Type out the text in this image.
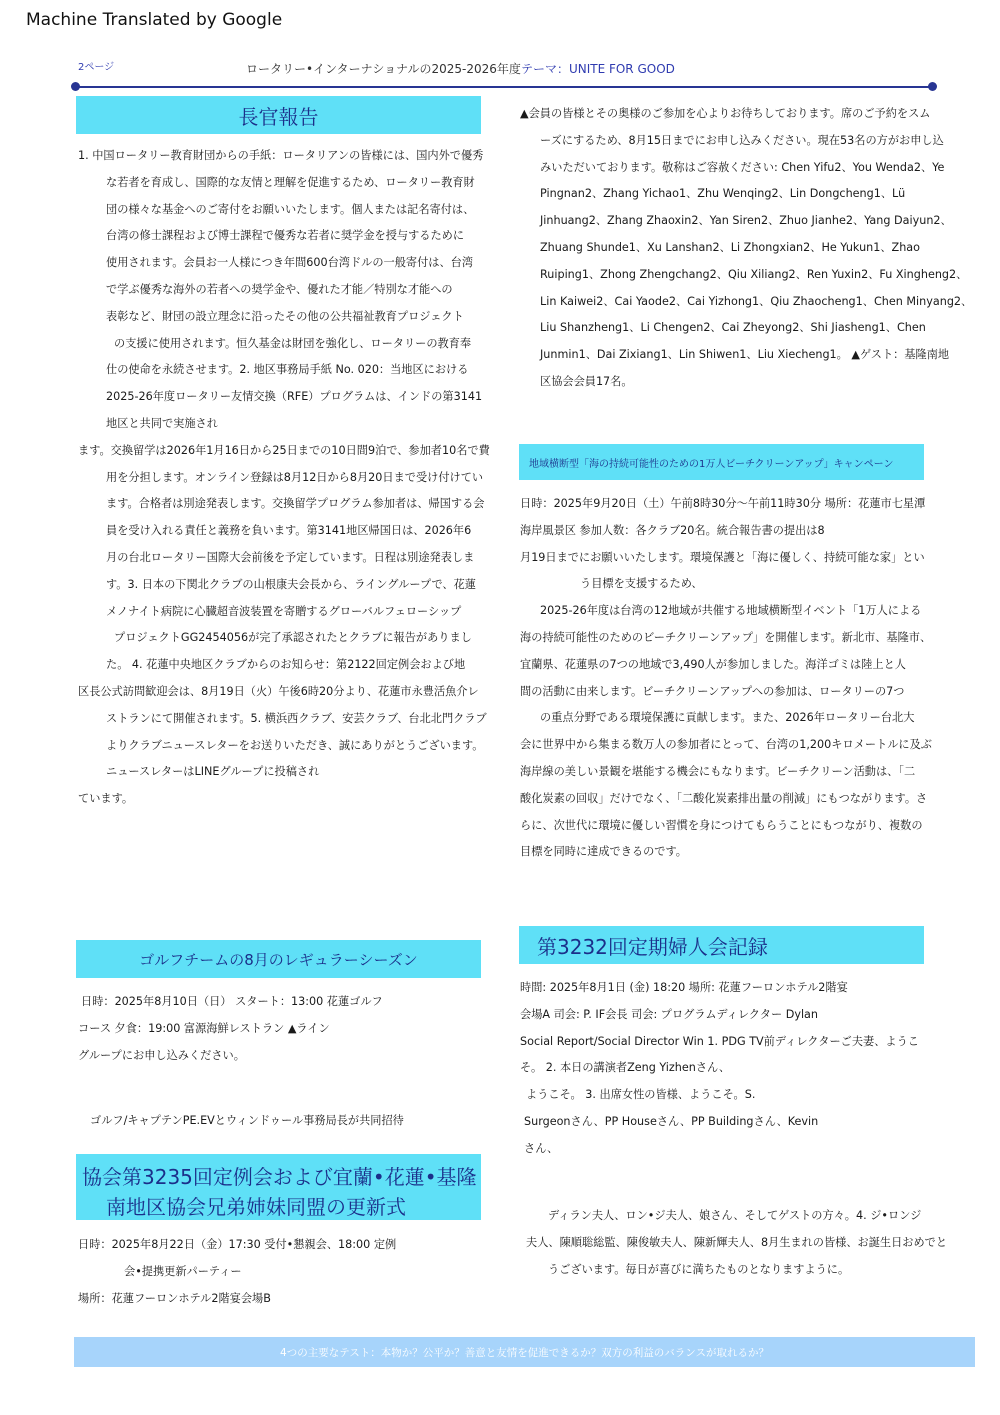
Machine Translated by Google
2ページ	ロータリー•インターナショナルの2025-2026年度テーマ：UNITE FOR GOOD
長官報告
1. 中国ロータリー教育財団からの手紙：ロータリアンの皆様には、国内外で優秀
な若者を育成し、国際的な友情と理解を促進するため、ロータリー教育財
団の様々な基金へのご寄付をお願いいたします。個人または記名寄付は、
台湾の修士課程および博士課程で優秀な若者に奨学金を授与するために
使用されます。会員お一人様につき年間600台湾ドルの一般寄付は、台湾
で学ぶ優秀な海外の若者への奨学金や、優れた才能／特別な才能への
表彰など、財団の設立理念に沿ったその他の公共福祉教育プロジェクト
の支援に使用されます。恒久基金は財団を強化し、ロータリーの教育奉
仕の使命を永続させます。2. 地区事務局手紙 No. 020：当地区における
2025-26年度ロータリー友情交換（RFE）プログラムは、インドの第3141
地区と共同で実施され
ます。交換留学は2026年1月16日から25日までの10日間9泊で、参加者10名で費
用を分担します。オンライン登録は8月12日から8月20日まで受け付けてい
ます。合格者は別途発表します。交換留学プログラム参加者は、帰国する会
員を受け入れる責任と義務を負います。第3141地区帰国日は、2026年6
月の台北ロータリー国際大会前後を予定しています。日程は別途発表しま
す。3. 日本の下関北クラブの山根康夫会長から、ライングループで、花蓮
メノナイト病院に心臓超音波装置を寄贈するグローバルフェローシップ
プロジェクトGG2454056が完了承認されたとクラブに報告がありまし
た。 4. 花蓮中央地区クラブからのお知らせ：第2122回定例会および地
区長公式訪問歓迎会は、8月19日（火）午後6時20分より、花蓮市永豊活魚介レ
ストランにて開催されます。5. 横浜西クラブ、安芸クラブ、台北北門クラブ
よりクラブニュースレターをお送りいただき、誠にありがとうございます。
ニュースレターはLINEグループに投稿され
ています。
▲会員の皆様とその奥様のご参加を心よりお待ちしております。席のご予約をスム
ーズにするため、8月15日までにお申し込みください。現在53名の方がお申し込
みいただいております。敬称はご容赦ください: Chen Yifu2、You Wenda2、Ye
Pingnan2、Zhang Yichao1、Zhu Wenqing2、Lin Dongcheng1、Lü
Jinhuang2、Zhang Zhaoxin2、Yan Siren2、Zhuo Jianhe2、Yang Daiyun2、
Zhuang Shunde1、Xu Lanshan2、Li Zhongxian2、He Yukun1、Zhao
Ruiping1、Zhong Zhengchang2、Qiu Xiliang2、Ren Yuxin2、Fu Xingheng2、
Lin Kaiwei2、Cai Yaode2、Cai Yizhong1、Qiu Zhaocheng1、Chen Minyang2、
Liu Shanzheng1、Li Chengen2、Cai Zheyong2、Shi Jiasheng1、Chen
Junmin1、Dai Zixiang1、Lin Shiwen1、Liu Xiecheng1。 ▲ゲスト：基隆南地
区協会会員17名。
地域横断型「海の持続可能性のための1万人ビーチクリーンアップ」キャンペーン
日時：2025年9月20日（土）午前8時30分～午前11時30分 場所：花蓮市七星潭
海岸風景区 参加人数：各クラブ20名。統合報告書の提出は8
月19日までにお願いいたします。環境保護と「海に優しく、持続可能な家」とい
う目標を支援するため、
2025-26年度は台湾の12地域が共催する地域横断型イベント「1万人による
海の持続可能性のためのビーチクリーンアップ」を開催します。新北市、基隆市、
宜蘭県、花蓮県の7つの地域で3,490人が参加しました。海洋ゴミは陸上と人
間の活動に由来します。ビーチクリーンアップへの参加は、ロータリーの7つ
の重点分野である環境保護に貢献します。また、2026年ロータリー台北大
会に世界中から集まる数万人の参加者にとって、台湾の1,200キロメートルに及ぶ
海岸線の美しい景観を堪能する機会にもなります。ビーチクリーン活動は、「二
酸化炭素の回収」だけでなく、「二酸化炭素排出量の削減」にもつながります。さ
らに、次世代に環境に優しい習慣を身につけてもらうことにもつながり、複数の
目標を同時に達成できるのです。
ゴルフチームの8月のレギュラーシーズン
日時：2025年8月10日（日） スタート：13:00 花蓮ゴルフ
コース 夕食：19:00 富源海鮮レストラン ▲ライン
グループにお申し込みください。
ゴルフ/キャプテンPE.EVとウィンドゥール事務局長が共同招待
協会第3235回定例会および宜蘭•花蓮•基隆
南地区協会兄弟姉妹同盟の更新式
日時：2025年8月22日（金）17:30 受付•懇親会、18:00 定例
会•提携更新パーティー
場所：花蓮フーロンホテル2階宴会場B
第3232回定期婦人会記録
時間: 2025年8月1日 (金) 18:20 場所: 花蓮フーロンホテル2階宴
会場A 司会: P. IF会長 司会: プログラムディレクター Dylan
Social Report/Social Director Win 1. PDG TV前ディレクターご夫妻、ようこ
そ。 2. 本日の講演者Zeng Yizhenさん、
ようこそ。 3. 出席女性の皆様、ようこそ。S.
Surgeonさん、PP Houseさん、PP Buildingさん、Kevin
さん、
ディラン夫人、ロン•ジ夫人、娘さん、そしてゲストの方々。4. ジ•ロンジ
夫人、陳順聡総監、陳俊敏夫人、陳新輝夫人、8月生まれの皆様、お誕生日おめでと
うございます。毎日が喜びに満ちたものとなりますように。
4つの主要なテスト：本物か？公平か？善意と友情を促進できるか？双方の利益のバランスが取れるか？
